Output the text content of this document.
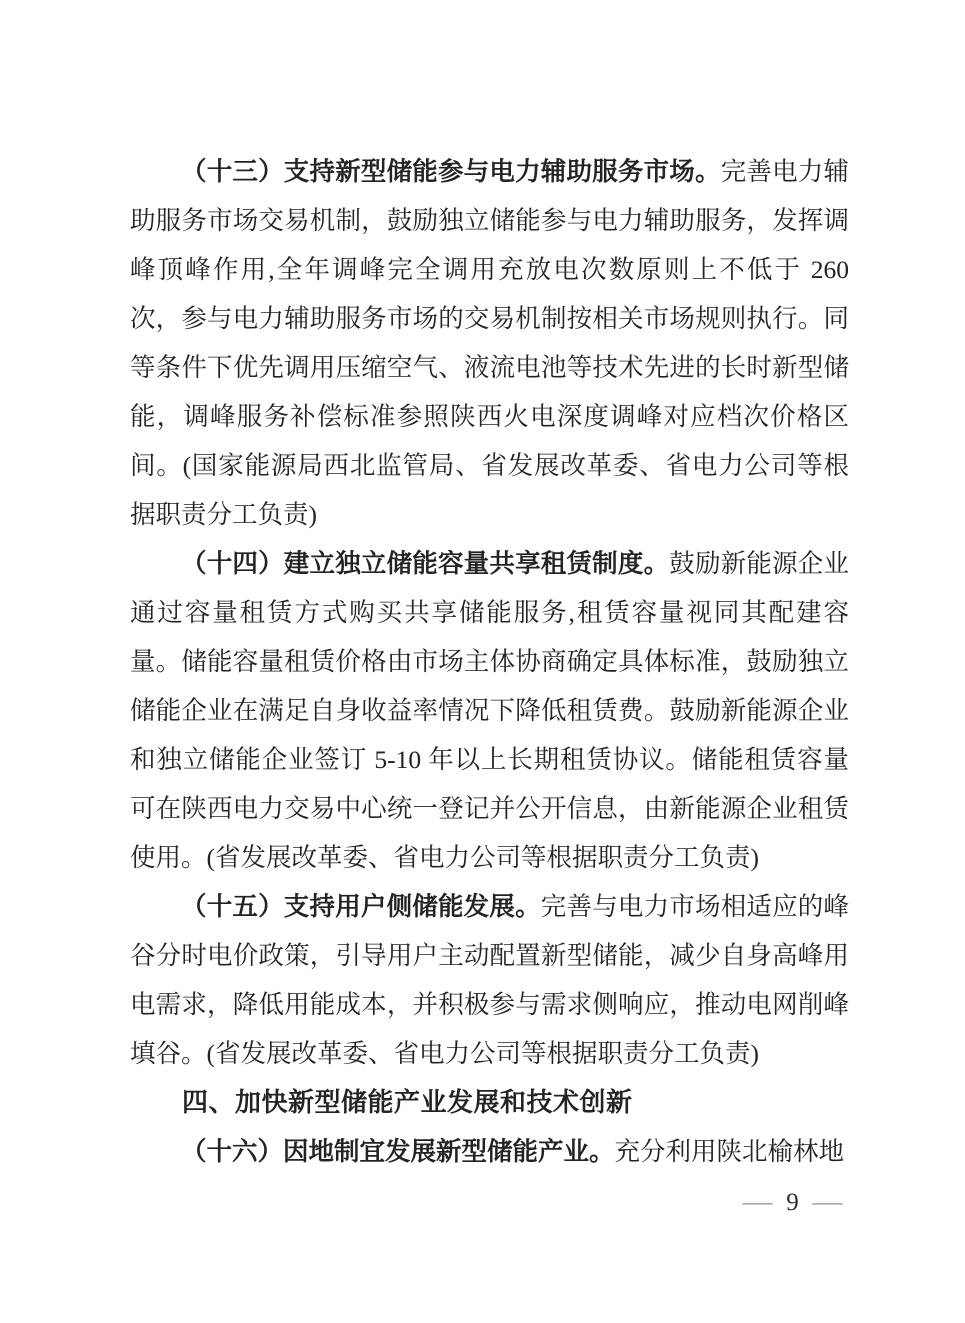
（十三）支持新型储能参与电力辅助服务市场。完善电力辅助服务市场交易机制，鼓励独立储能参与电力辅助服务，发挥调峰顶峰作用,全年调峰完全调用充放电次数原则上不低于 260 次，参与电力辅助服务市场的交易机制按相关市场规则执行。同等条件下优先调用压缩空气、液流电池等技术先进的长时新型储能，调峰服务补偿标准参照陕西火电深度调峰对应档次价格区间。(国家能源局西北监管局、省发展改革委、省电力公司等根据职责分工负责)

（十四）建立独立储能容量共享租赁制度。鼓励新能源企业通过容量租赁方式购买共享储能服务,租赁容量视同其配建容量。储能容量租赁价格由市场主体协商确定具体标准，鼓励独立储能企业在满足自身收益率情况下降低租赁费。鼓励新能源企业和独立储能企业签订 5-10 年以上长期租赁协议。储能租赁容量可在陕西电力交易中心统一登记并公开信息，由新能源企业租赁使用。(省发展改革委、省电力公司等根据职责分工负责)

（十五）支持用户侧储能发展。完善与电力市场相适应的峰谷分时电价政策，引导用户主动配置新型储能，减少自身高峰用电需求，降低用能成本，并积极参与需求侧响应，推动电网削峰填谷。(省发展改革委、省电力公司等根据职责分工负责)

四、加快新型储能产业发展和技术创新

（十六）因地制宜发展新型储能产业。充分利用陕北榆林地

— 9 —
